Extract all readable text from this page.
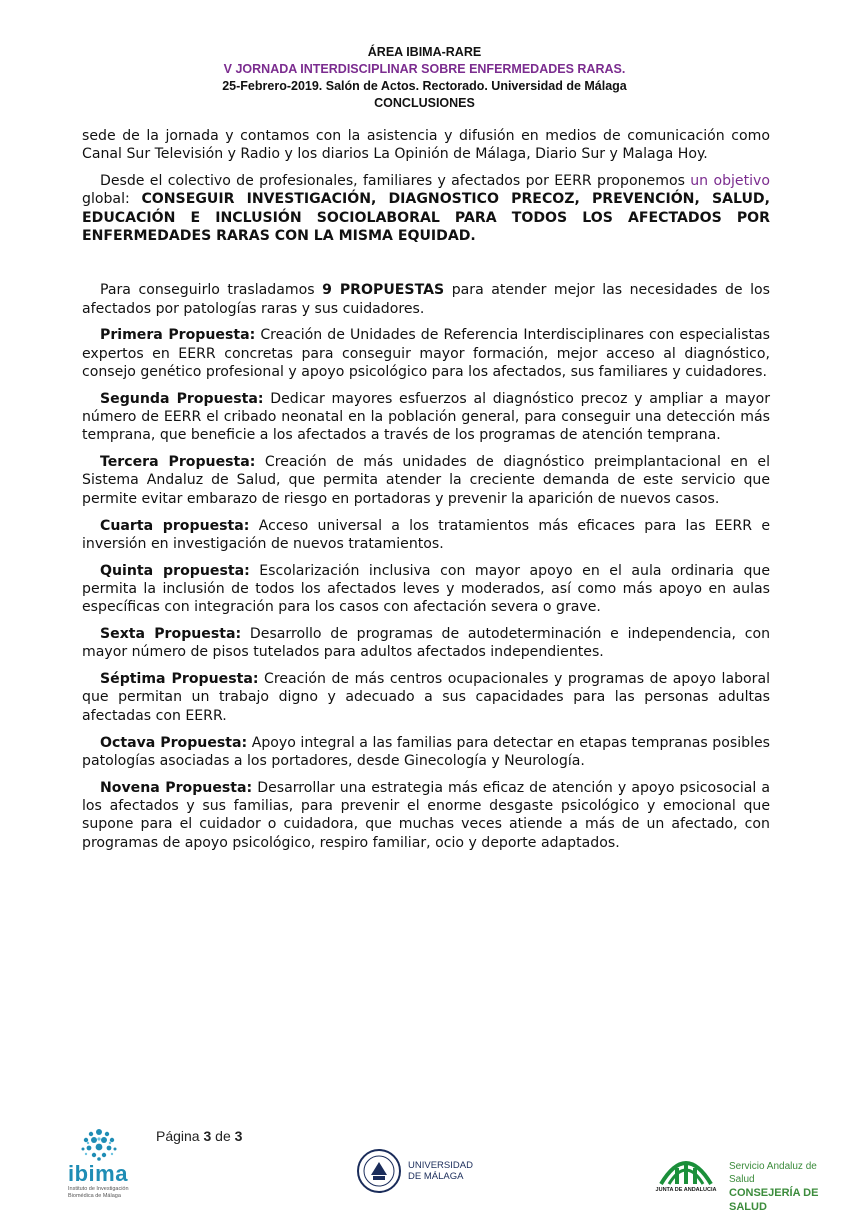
ÁREA IBIMA-RARE
V JORNADA INTERDISCIPLINAR SOBRE ENFERMEDADES RARAS.
25-Febrero-2019. Salón de Actos. Rectorado. Universidad de Málaga
CONCLUSIONES

sede de la jornada y contamos con la asistencia y difusión en medios de comunicación como Canal Sur Televisión y Radio y los diarios La Opinión de Málaga, Diario Sur y Malaga Hoy.

Desde el colectivo de profesionales, familiares y afectados por EERR proponemos un objetivo global: CONSEGUIR INVESTIGACIÓN, DIAGNOSTICO PRECOZ, PREVENCIÓN, SALUD, EDUCACIÓN E INCLUSIÓN SOCIOLABORAL PARA TODOS LOS AFECTADOS POR ENFERMEDADES RARAS CON LA MISMA EQUIDAD.

Para conseguirlo trasladamos 9 PROPUESTAS para atender mejor las necesidades de los afectados por patologías raras y sus cuidadores.

Primera Propuesta: Creación de Unidades de Referencia Interdisciplinares con especialistas expertos en EERR concretas para conseguir mayor formación, mejor acceso al diagnóstico, consejo genético profesional y apoyo psicológico para los afectados, sus familiares y cuidadores.

Segunda Propuesta: Dedicar mayores esfuerzos al diagnóstico precoz y ampliar a mayor número de EERR el cribado neonatal en la población general, para conseguir una detección más temprana, que beneficie a los afectados a través de los programas de atención temprana.

Tercera Propuesta: Creación de más unidades de diagnóstico preimplantacional en el Sistema Andaluz de Salud, que permita atender la creciente demanda de este servicio que permite evitar embarazo de riesgo en portadoras y prevenir la aparición de nuevos casos.

Cuarta propuesta: Acceso universal a los tratamientos más eficaces para las EERR e inversión en investigación de nuevos tratamientos.

Quinta propuesta: Escolarización inclusiva con mayor apoyo en el aula ordinaria que permita la inclusión de todos los afectados leves y moderados, así como más apoyo en aulas específicas con integración para los casos con afectación severa o grave.

Sexta Propuesta: Desarrollo de programas de autodeterminación e independencia, con mayor número de pisos tutelados para adultos afectados independientes.

Séptima Propuesta: Creación de más centros ocupacionales y programas de apoyo laboral que permitan un trabajo digno y adecuado a sus capacidades para las personas adultas afectadas con EERR.

Octava Propuesta: Apoyo integral a las familias para detectar en etapas tempranas posibles patologías asociadas a los portadores, desde Ginecología y Neurología.

Novena Propuesta: Desarrollar una estrategia más eficaz de atención y apoyo psicosocial a los afectados y sus familias, para prevenir el enorme desgaste psicológico y emocional que supone para el cuidador o cuidadora, que muchas veces atiende a más de un afectado, con programas de apoyo psicológico, respiro familiar, ocio y deporte adaptados.

ibima
Instituto de Investigación Biomédica de Málaga
Página 3 de 3
UNIVERSIDAD
DE MÁLAGA
JUNTA DE ANDALUCIA
Servicio Andaluz de Salud
CONSEJERÍA DE SALUD
